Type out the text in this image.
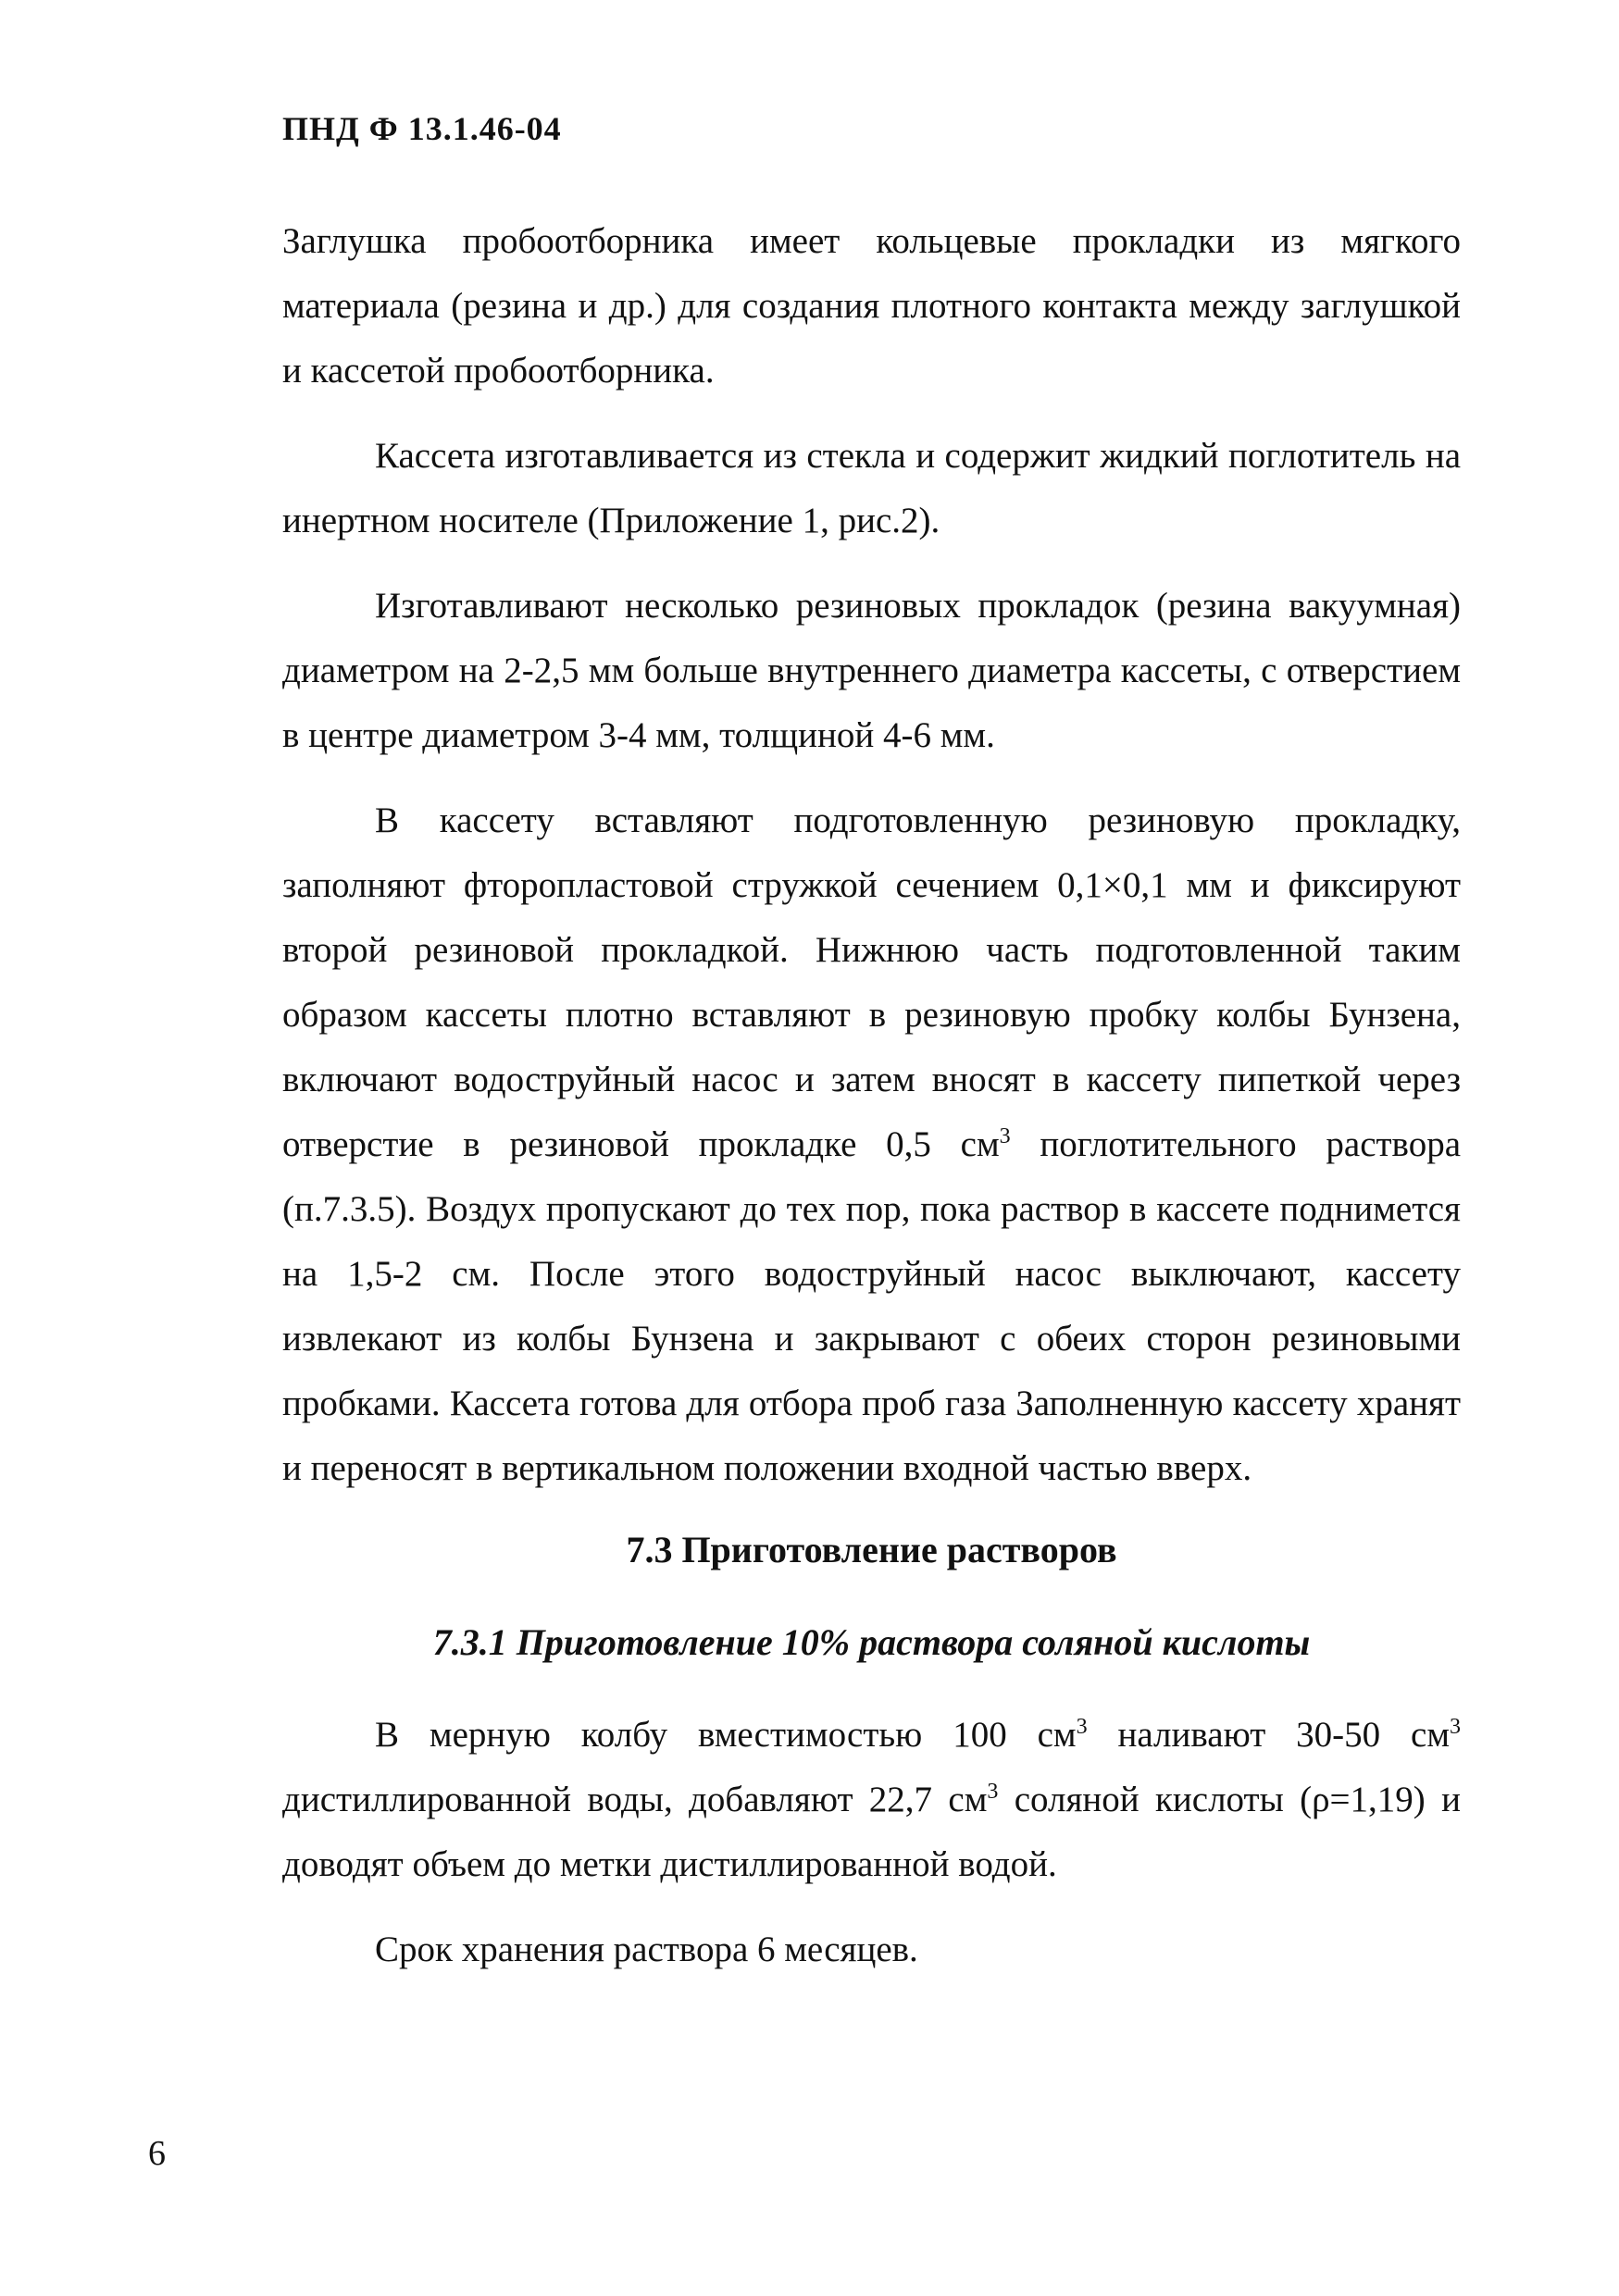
ПНД Ф 13.1.46-04

Заглушка пробоотборника имеет кольцевые прокладки из мягкого материала (резина и др.) для создания плотного контакта между заглушкой и кассетой пробоотборника.

Кассета изготавливается из стекла и содержит жидкий поглотитель на инертном носителе (Приложение 1, рис.2).

Изготавливают несколько резиновых прокладок (резина вакуумная) диаметром на 2-2,5 мм больше внутреннего диаметра кассеты, с отверстием в центре диаметром 3-4 мм, толщиной 4-6 мм.

В кассету вставляют подготовленную резиновую прокладку, заполняют фторопластовой стружкой сечением 0,1×0,1 мм и фиксируют второй резиновой прокладкой. Нижнюю часть подготовленной таким образом кассеты плотно вставляют в резиновую пробку колбы Бунзена, включают водоструйный насос и затем вносят в кассету пипеткой через отверстие в резиновой прокладке 0,5 $см^3$ поглотительного раствора (п.7.3.5). Воздух пропускают до тех пор, пока раствор в кассете поднимется на 1,5-2 см. После этого водоструйный насос выключают, кассету извлекают из колбы Бунзена и закрывают с обеих сторон резиновыми пробками. Кассета готова для отбора проб газа Заполненную кассету хранят и переносят в вертикальном положении входной частью вверх.

7.3 Приготовление растворов

7.3.1 Приготовление 10% раствора соляной кислоты

В мерную колбу вместимостью 100 $см^3$ наливают 30-50 $см^3$ дистиллированной воды, добавляют 22,7 $см^3$ соляной кислоты (ρ=1,19) и доводят объем до метки дистиллированной водой.

Срок хранения раствора 6 месяцев.

6
